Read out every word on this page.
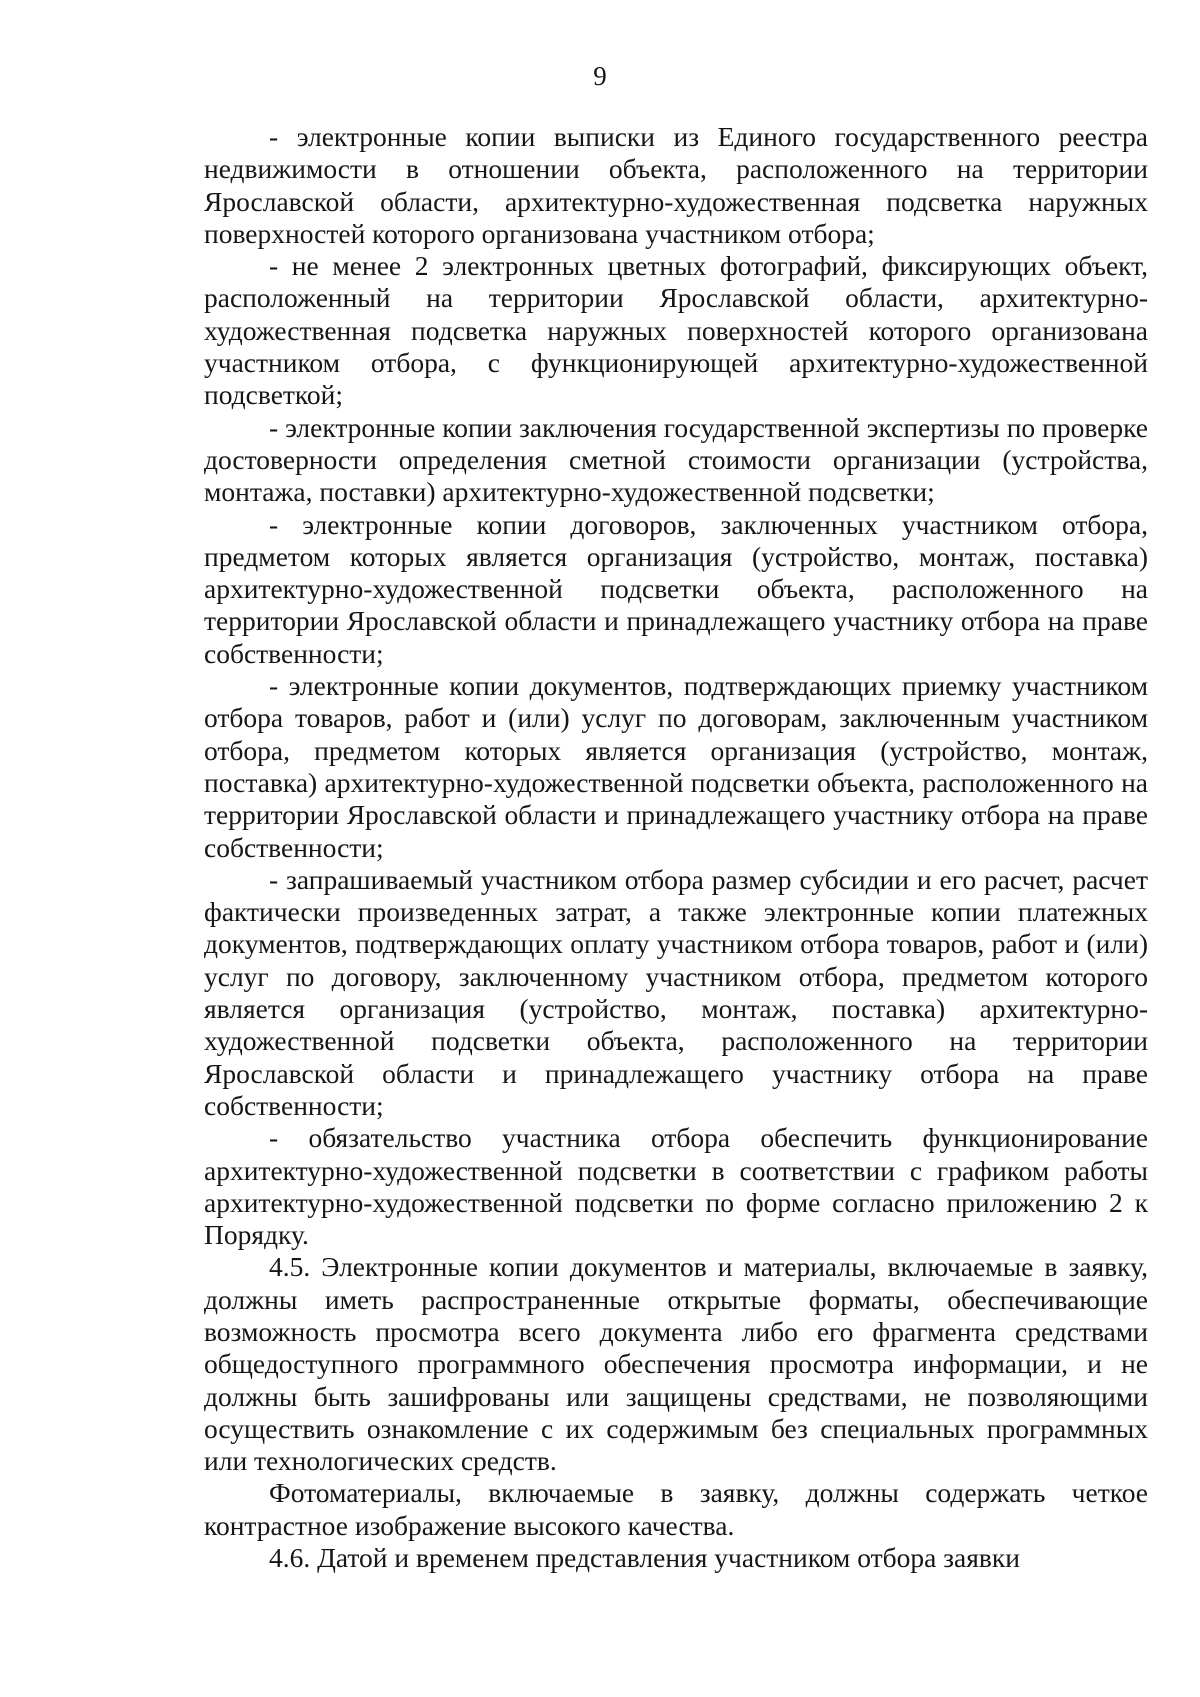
9

- электронные копии выписки из Единого государственного реестра недвижимости в отношении объекта, расположенного на территории Ярославской области, архитектурно-художественная подсветка наружных поверхностей которого организована участником отбора;

- не менее 2 электронных цветных фотографий, фиксирующих объект, расположенный на территории Ярославской области, архитектурно-художественная подсветка наружных поверхностей которого организована участником отбора, с функционирующей архитектурно-художественной подсветкой;

- электронные копии заключения государственной экспертизы по проверке достоверности определения сметной стоимости организации (устройства, монтажа, поставки) архитектурно-художественной подсветки;

- электронные копии договоров, заключенных участником отбора, предметом которых является организация (устройство, монтаж, поставка) архитектурно-художественной подсветки объекта, расположенного на территории Ярославской области и принадлежащего участнику отбора на праве собственности;

- электронные копии документов, подтверждающих приемку участником отбора товаров, работ и (или) услуг по договорам, заключенным участником отбора, предметом которых является организация (устройство, монтаж, поставка) архитектурно-художественной подсветки объекта, расположенного на территории Ярославской области и принадлежащего участнику отбора на праве собственности;

- запрашиваемый участником отбора размер субсидии и его расчет, расчет фактически произведенных затрат, а также электронные копии платежных документов, подтверждающих оплату участником отбора товаров, работ и (или) услуг по договору, заключенному участником отбора, предметом которого является организация (устройство, монтаж, поставка) архитектурно-художественной подсветки объекта, расположенного на территории Ярославской области и принадлежащего участнику отбора на праве собственности;

- обязательство участника отбора обеспечить функционирование архитектурно-художественной подсветки в соответствии с графиком работы архитектурно-художественной подсветки по форме согласно приложению 2 к Порядку.

4.5. Электронные копии документов и материалы, включаемые в заявку, должны иметь распространенные открытые форматы, обеспечивающие возможность просмотра всего документа либо его фрагмента средствами общедоступного программного обеспечения просмотра информации, и не должны быть зашифрованы или защищены средствами, не позволяющими осуществить ознакомление с их содержимым без специальных программных или технологических средств.

Фотоматериалы, включаемые в заявку, должны содержать четкое контрастное изображение высокого качества.

4.6. Датой и временем представления участником отбора заявки
